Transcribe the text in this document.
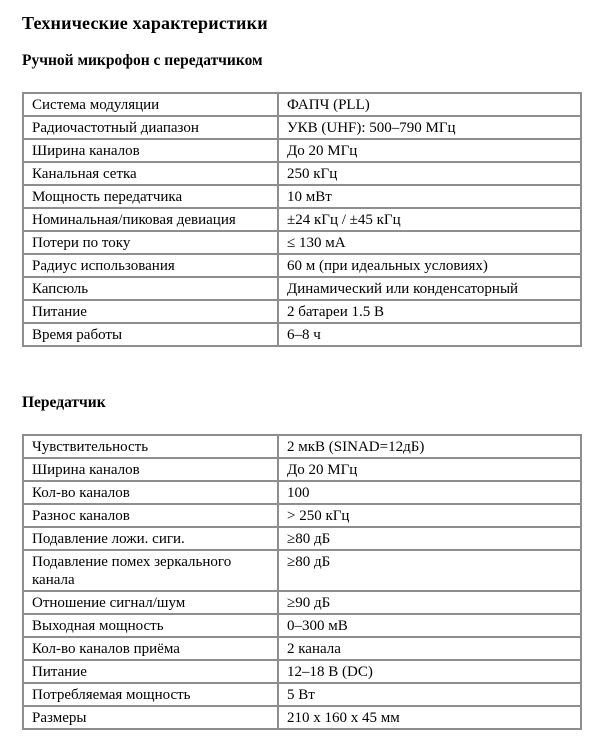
Технические характеристики
Ручной микрофон с передатчиком
Система модуляции	ФАПЧ (PLL)
Радиочастотный диапазон	УКВ (UHF): 500–790 МГц
Ширина каналов	До 20 МГц
Канальная сетка	250 кГц
Мощность передатчика	10 мВт
Номинальная/пиковая девиация	±24 кГц / ±45 кГц
Потери по току	≤ 130 мА
Радиус использования	60 м (при идеальных условиях)
Капсюль	Динамический или конденсаторный
Питание	2 батареи 1.5 В
Время работы	6–8 ч
Передатчик
Чувствительность	2 мкВ (SINAD=12дБ)
Ширина каналов	До 20 МГц
Кол-во каналов	100
Разнос каналов	> 250 кГц
Подавление ложи. сиги.	≥80 дБ
Подавление помех зеркального канала	≥80 дБ
Отношение сигнал/шум	≥90 дБ
Выходная мощность	0–300 мВ
Кол-во каналов приёма	2 канала
Питание	12–18 В (DC)
Потребляемая мощность	5 Вт
Размеры	210 x 160 x 45 мм
